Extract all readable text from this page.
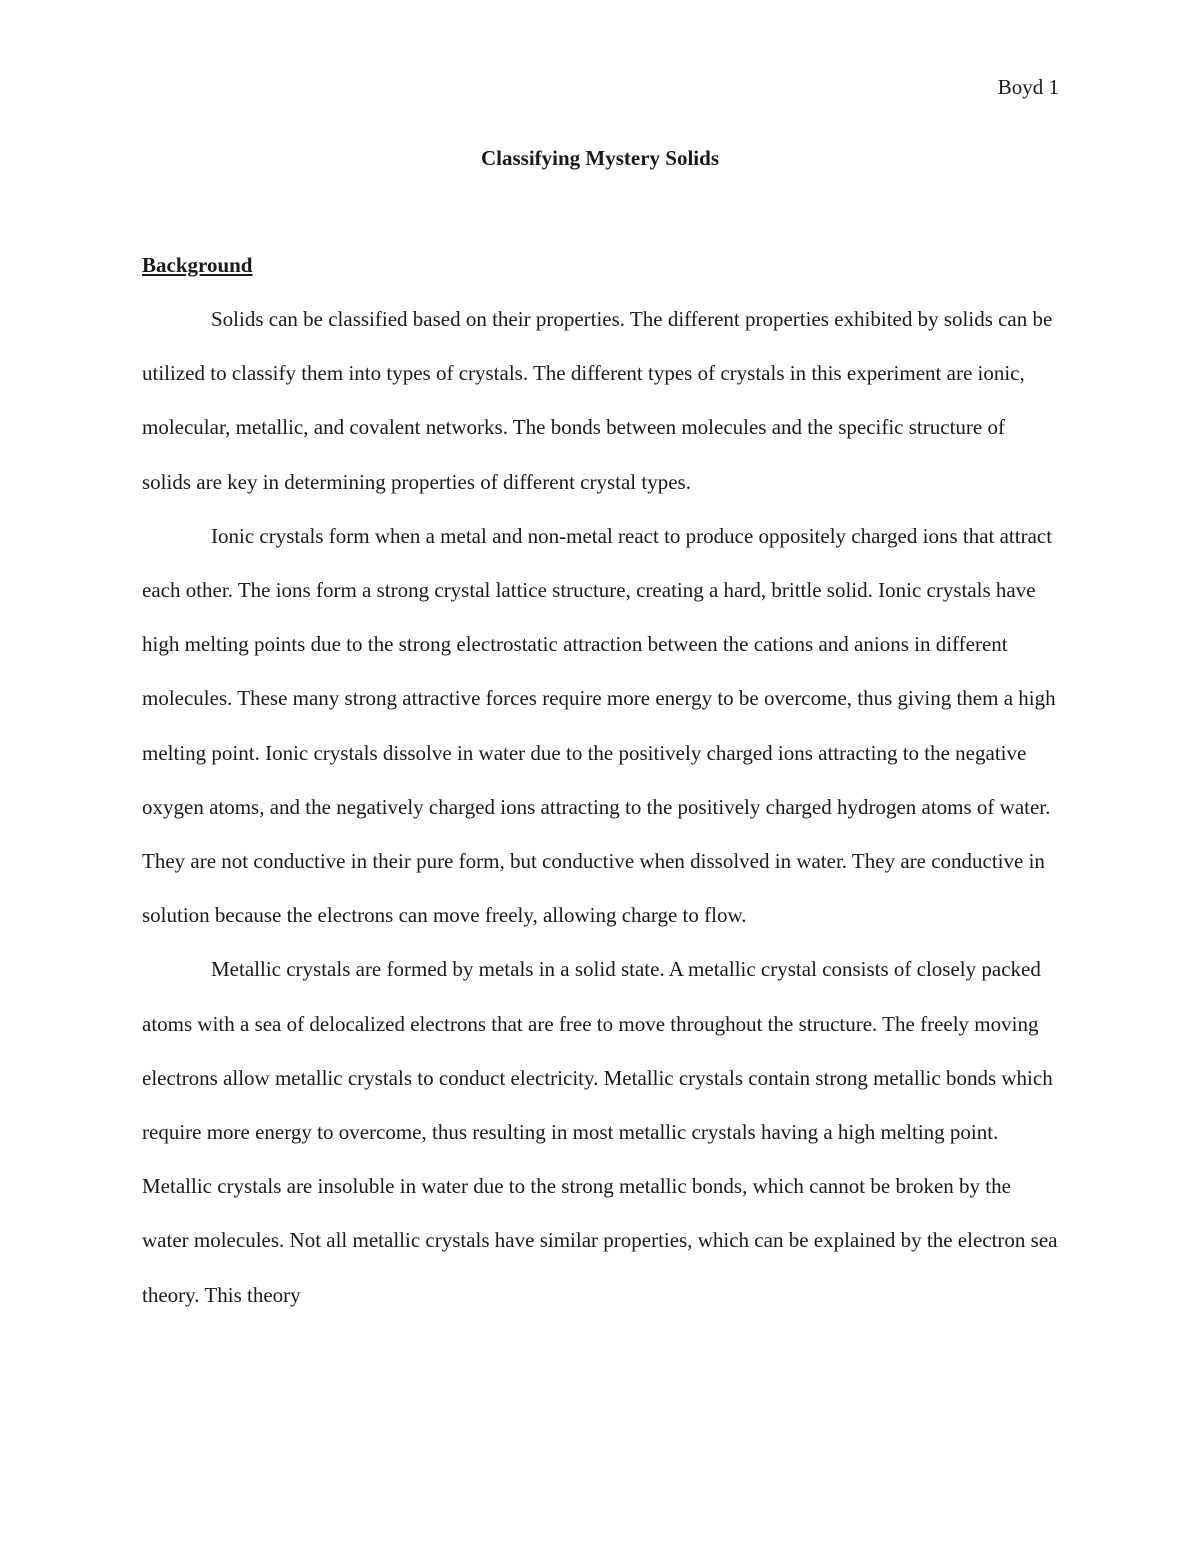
Boyd 1
Classifying Mystery Solids
Background

Solids can be classified based on their properties. The different properties exhibited by solids can be utilized to classify them into types of crystals. The different types of crystals in this experiment are ionic, molecular, metallic, and covalent networks. The bonds between molecules and the specific structure of solids are key in determining properties of different crystal types.

Ionic crystals form when a metal and non-metal react to produce oppositely charged ions that attract each other. The ions form a strong crystal lattice structure, creating a hard, brittle solid. Ionic crystals have high melting points due to the strong electrostatic attraction between the cations and anions in different molecules. These many strong attractive forces require more energy to be overcome, thus giving them a high melting point. Ionic crystals dissolve in water due to the positively charged ions attracting to the negative oxygen atoms, and the negatively charged ions attracting to the positively charged hydrogen atoms of water. They are not conductive in their pure form, but conductive when dissolved in water. They are conductive in solution because the electrons can move freely, allowing charge to flow.

Metallic crystals are formed by metals in a solid state. A metallic crystal consists of closely packed atoms with a sea of delocalized electrons that are free to move throughout the structure. The freely moving electrons allow metallic crystals to conduct electricity. Metallic crystals contain strong metallic bonds which require more energy to overcome, thus resulting in most metallic crystals having a high melting point. Metallic crystals are insoluble in water due to the strong metallic bonds, which cannot be broken by the water molecules. Not all metallic crystals have similar properties, which can be explained by the electron sea theory. This theory
